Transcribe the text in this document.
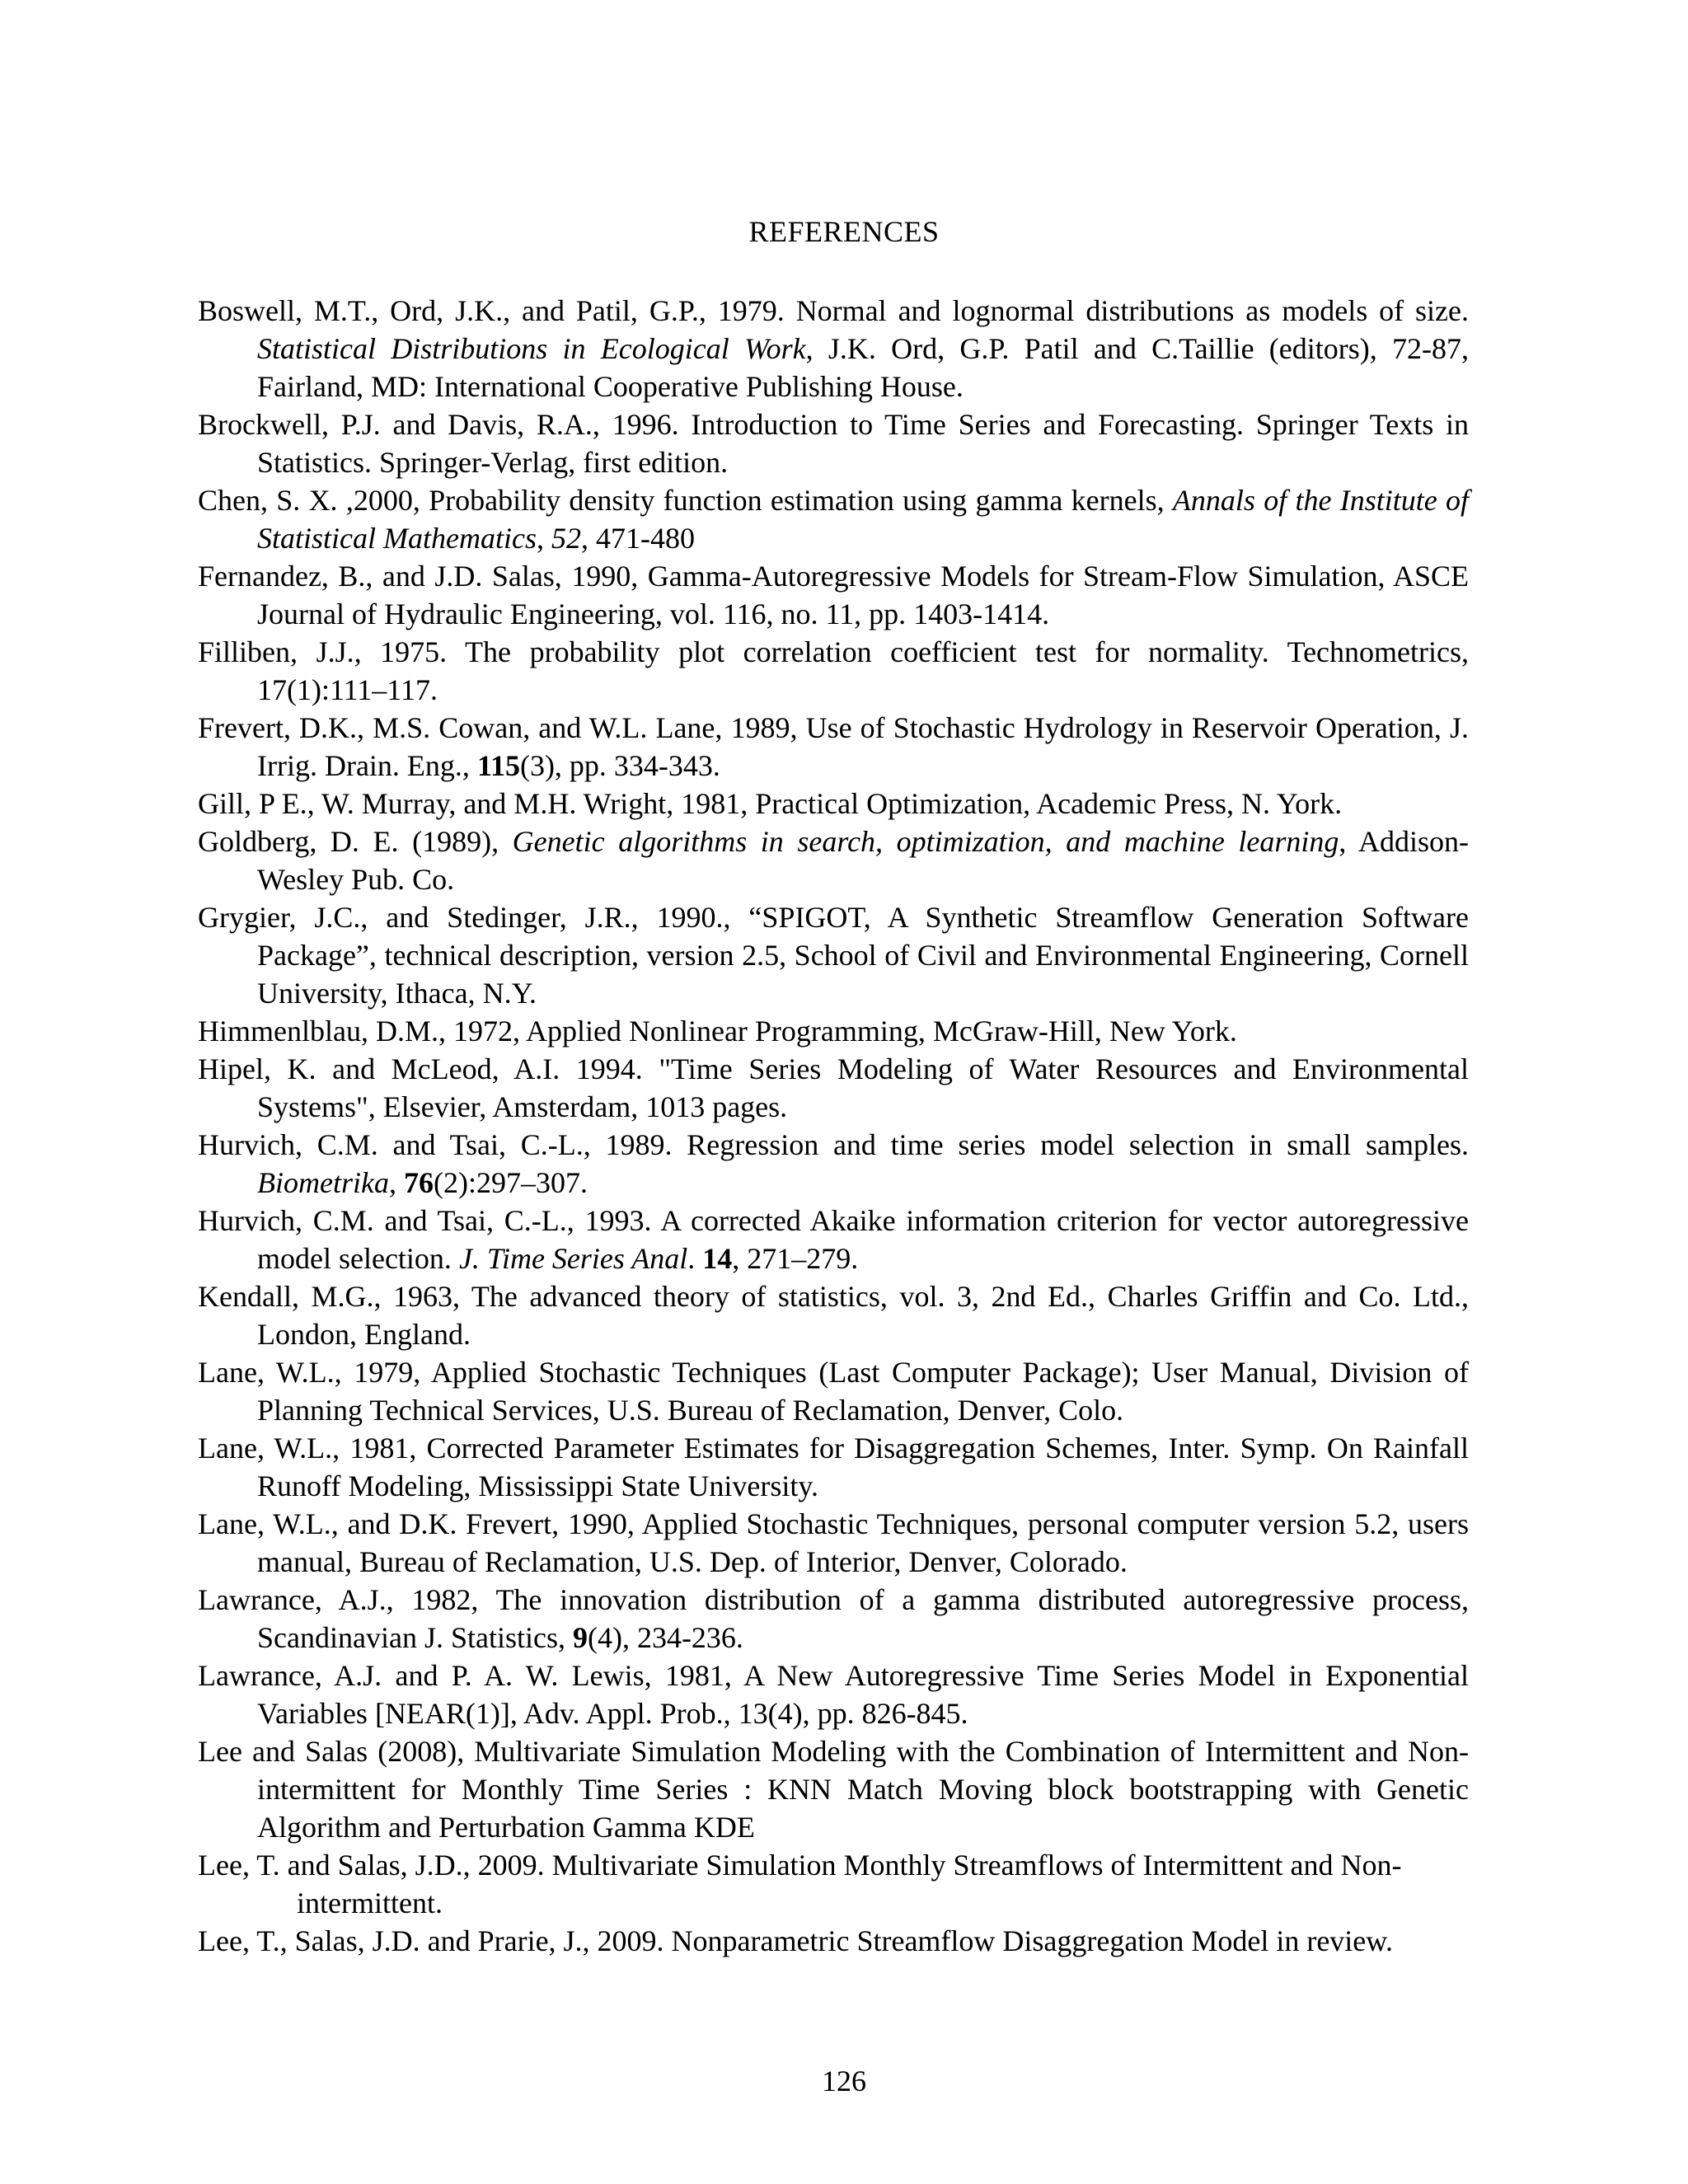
REFERENCES
Boswell, M.T., Ord, J.K., and Patil, G.P., 1979. Normal and lognormal distributions as models of size. Statistical Distributions in Ecological Work, J.K. Ord, G.P. Patil and C.Taillie (editors), 72-87, Fairland, MD: International Cooperative Publishing House.
Brockwell, P.J. and Davis, R.A., 1996. Introduction to Time Series and Forecasting. Springer Texts in Statistics. Springer-Verlag, first edition.
Chen, S. X. ,2000, Probability density function estimation using gamma kernels, Annals of the Institute of Statistical Mathematics, 52, 471-480
Fernandez, B., and J.D. Salas, 1990, Gamma-Autoregressive Models for Stream-Flow Simulation, ASCE Journal of Hydraulic Engineering, vol. 116, no. 11, pp. 1403-1414.
Filliben, J.J., 1975. The probability plot correlation coefficient test for normality. Technometrics, 17(1):111–117.
Frevert, D.K., M.S. Cowan, and W.L. Lane, 1989, Use of Stochastic Hydrology in Reservoir Operation, J. Irrig. Drain. Eng., 115(3), pp. 334-343.
Gill, P E., W. Murray, and M.H. Wright, 1981, Practical Optimization, Academic Press, N. York.
Goldberg, D. E. (1989), Genetic algorithms in search, optimization, and machine learning, Addison-Wesley Pub. Co.
Grygier, J.C., and Stedinger, J.R., 1990., “SPIGOT, A Synthetic Streamflow Generation Software Package”, technical description, version 2.5, School of Civil and Environmental Engineering, Cornell University, Ithaca, N.Y.
Himmenlblau, D.M., 1972, Applied Nonlinear Programming, McGraw-Hill, New York.
Hipel, K. and McLeod, A.I. 1994. "Time Series Modeling of Water Resources and Environmental Systems", Elsevier, Amsterdam, 1013 pages.
Hurvich, C.M. and Tsai, C.-L., 1989. Regression and time series model selection in small samples. Biometrika, 76(2):297–307.
Hurvich, C.M. and Tsai, C.-L., 1993. A corrected Akaike information criterion for vector autoregressive model selection. J. Time Series Anal. 14, 271–279.
Kendall, M.G., 1963, The advanced theory of statistics, vol. 3, 2nd Ed., Charles Griffin and Co. Ltd., London, England.
Lane, W.L., 1979, Applied Stochastic Techniques (Last Computer Package); User Manual, Division of Planning Technical Services, U.S. Bureau of Reclamation, Denver, Colo.
Lane, W.L., 1981, Corrected Parameter Estimates for Disaggregation Schemes, Inter. Symp. On Rainfall Runoff Modeling, Mississippi State University.
Lane, W.L., and D.K. Frevert, 1990, Applied Stochastic Techniques, personal computer version 5.2, users manual, Bureau of Reclamation, U.S. Dep. of Interior, Denver, Colorado.
Lawrance, A.J., 1982, The innovation distribution of a gamma distributed autoregressive process, Scandinavian J. Statistics, 9(4), 234-236.
Lawrance, A.J. and P. A. W. Lewis, 1981, A New Autoregressive Time Series Model in Exponential Variables [NEAR(1)], Adv. Appl. Prob., 13(4), pp. 826-845.
Lee and Salas (2008), Multivariate Simulation Modeling with the Combination of Intermittent and Non-intermittent for Monthly Time Series : KNN Match Moving block bootstrapping with Genetic Algorithm and Perturbation Gamma KDE
Lee, T. and Salas, J.D., 2009. Multivariate Simulation Monthly Streamflows of Intermittent and Non-intermittent.
Lee, T., Salas, J.D. and Prarie, J., 2009. Nonparametric Streamflow Disaggregation Model in review.
126
